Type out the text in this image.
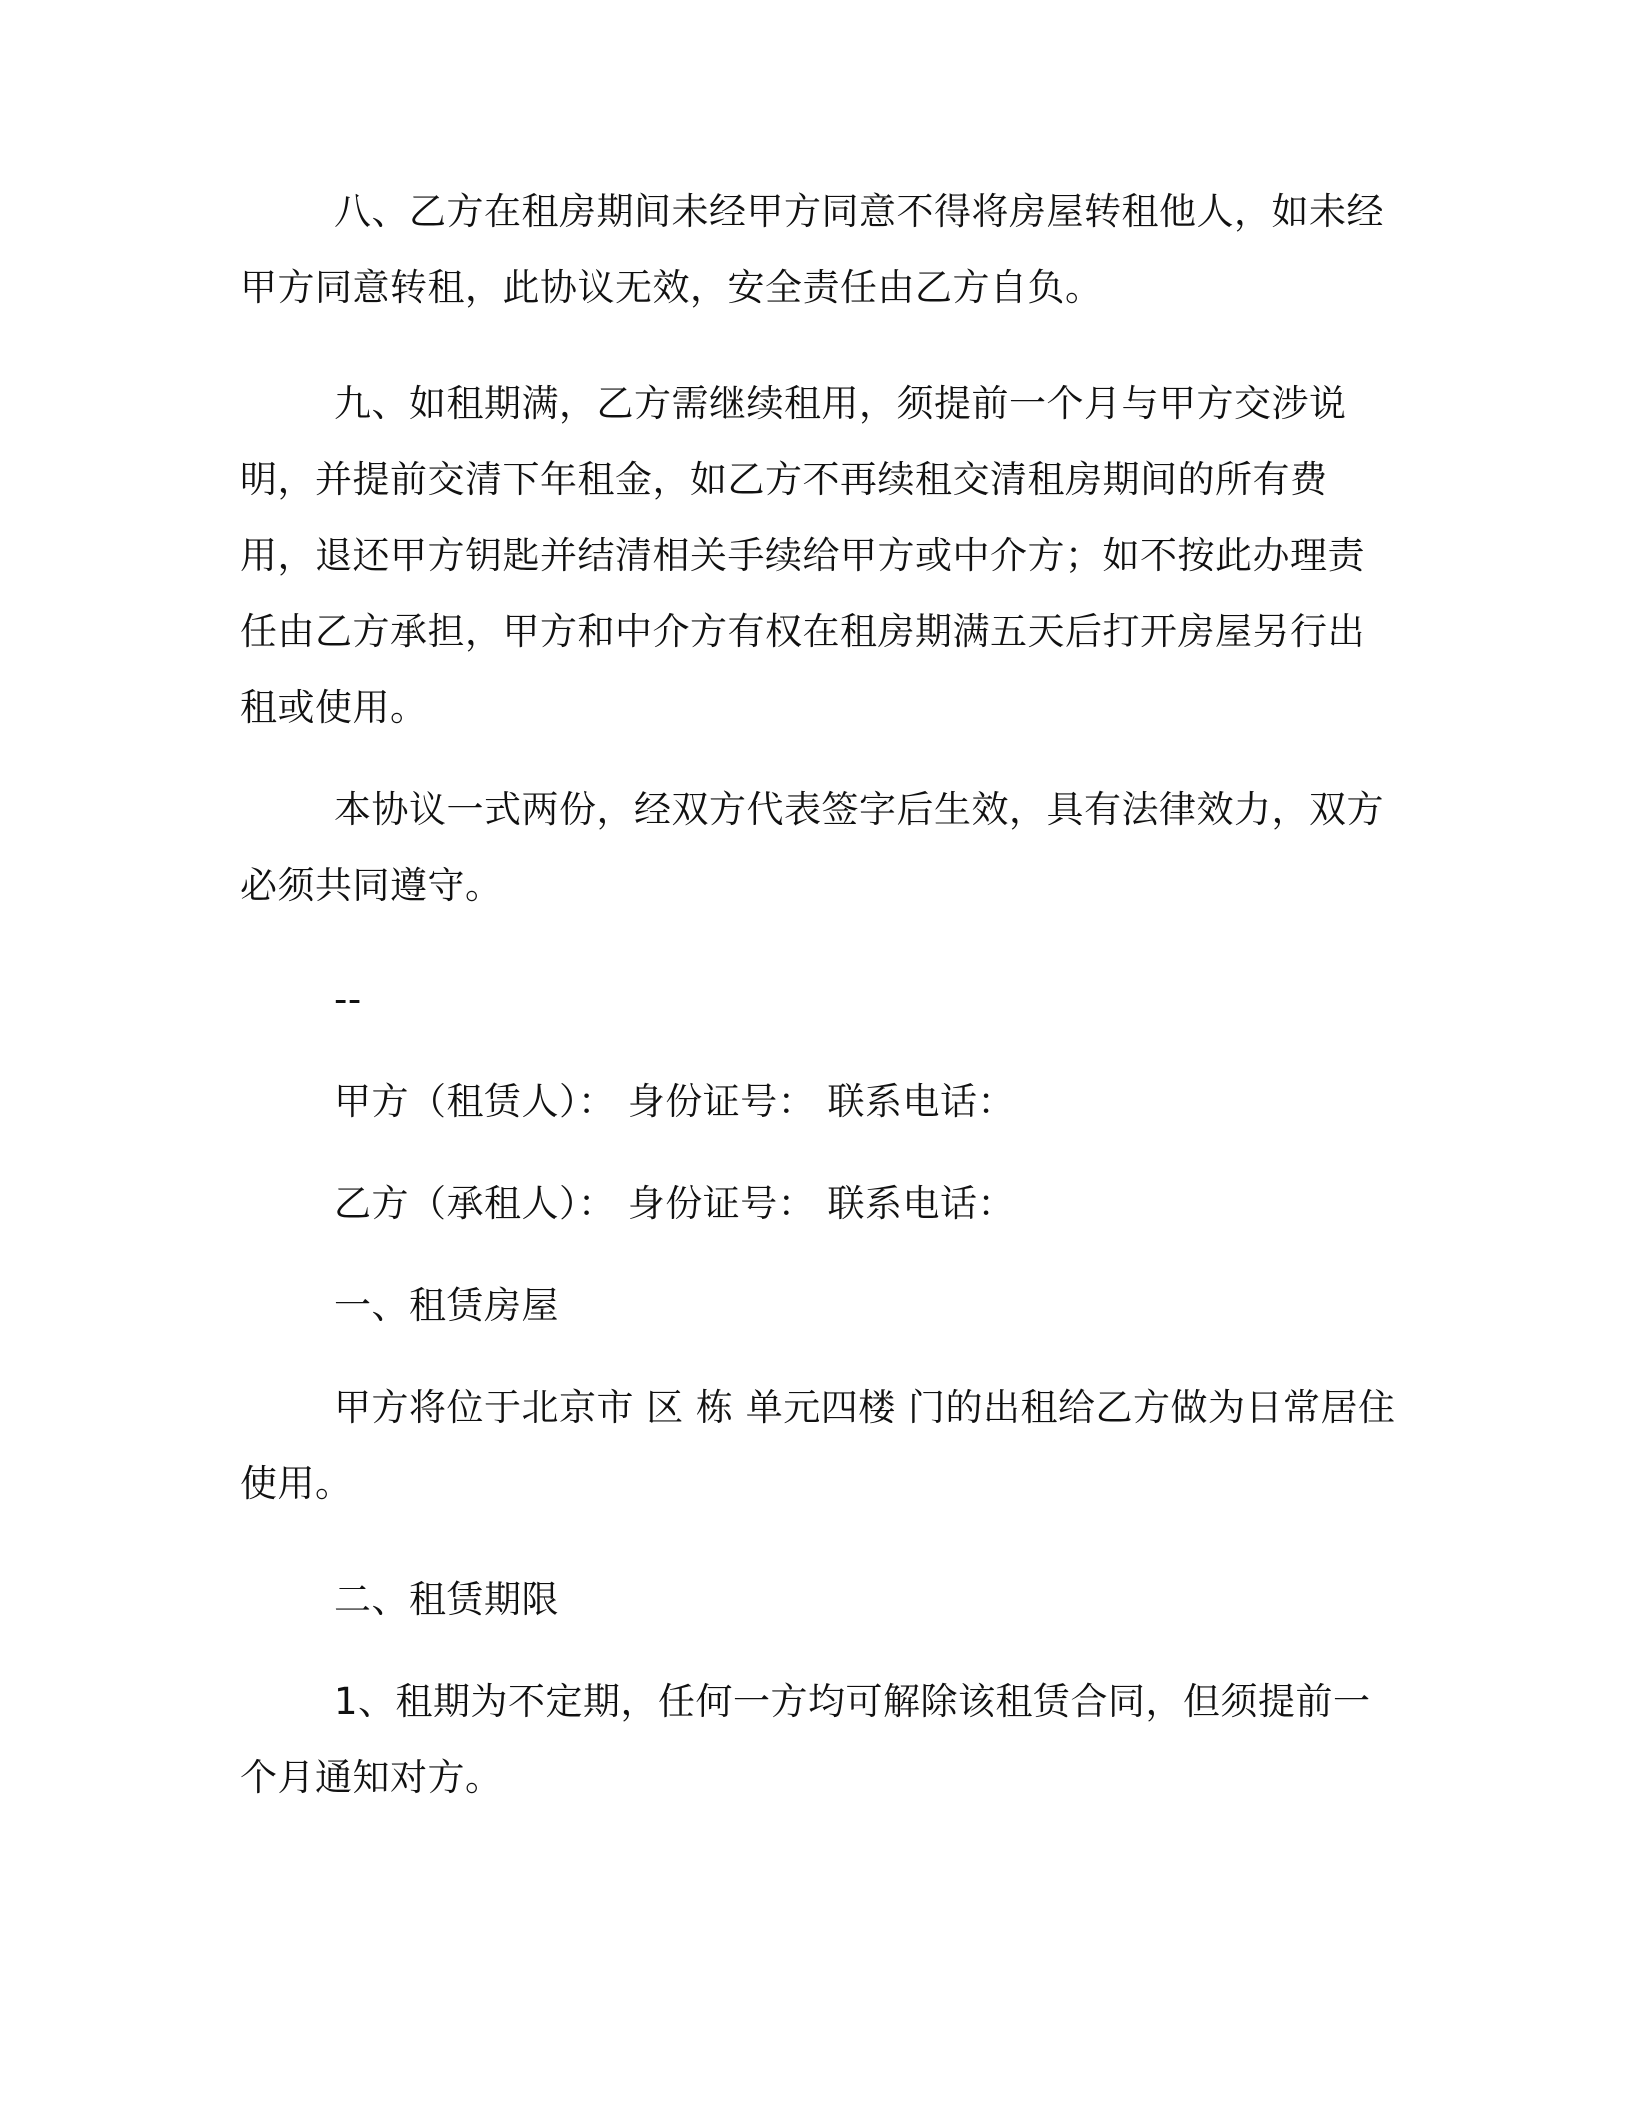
八、乙方在租房期间未经甲方同意不得将房屋转租他人，如未经甲方同意转租，此协议无效，安全责任由乙方自负。

九、如租期满，乙方需继续租用，须提前一个月与甲方交涉说明，并提前交清下年租金，如乙方不再续租交清租房期间的所有费用，退还甲方钥匙并结清相关手续给甲方或中介方；如不按此办理责任由乙方承担，甲方和中介方有权在租房期满五天后打开房屋另行出租或使用。

本协议一式两份，经双方代表签字后生效，具有法律效力，双方必须共同遵守。

--

甲方（租赁人）： 身份证号： 联系电话：

乙方（承租人）： 身份证号： 联系电话：

一、租赁房屋

甲方将位于北京市 区 栋 单元四楼 门的出租给乙方做为日常居住使用。

二、租赁期限

1、租期为不定期，任何一方均可解除该租赁合同，但须提前一个月通知对方。
